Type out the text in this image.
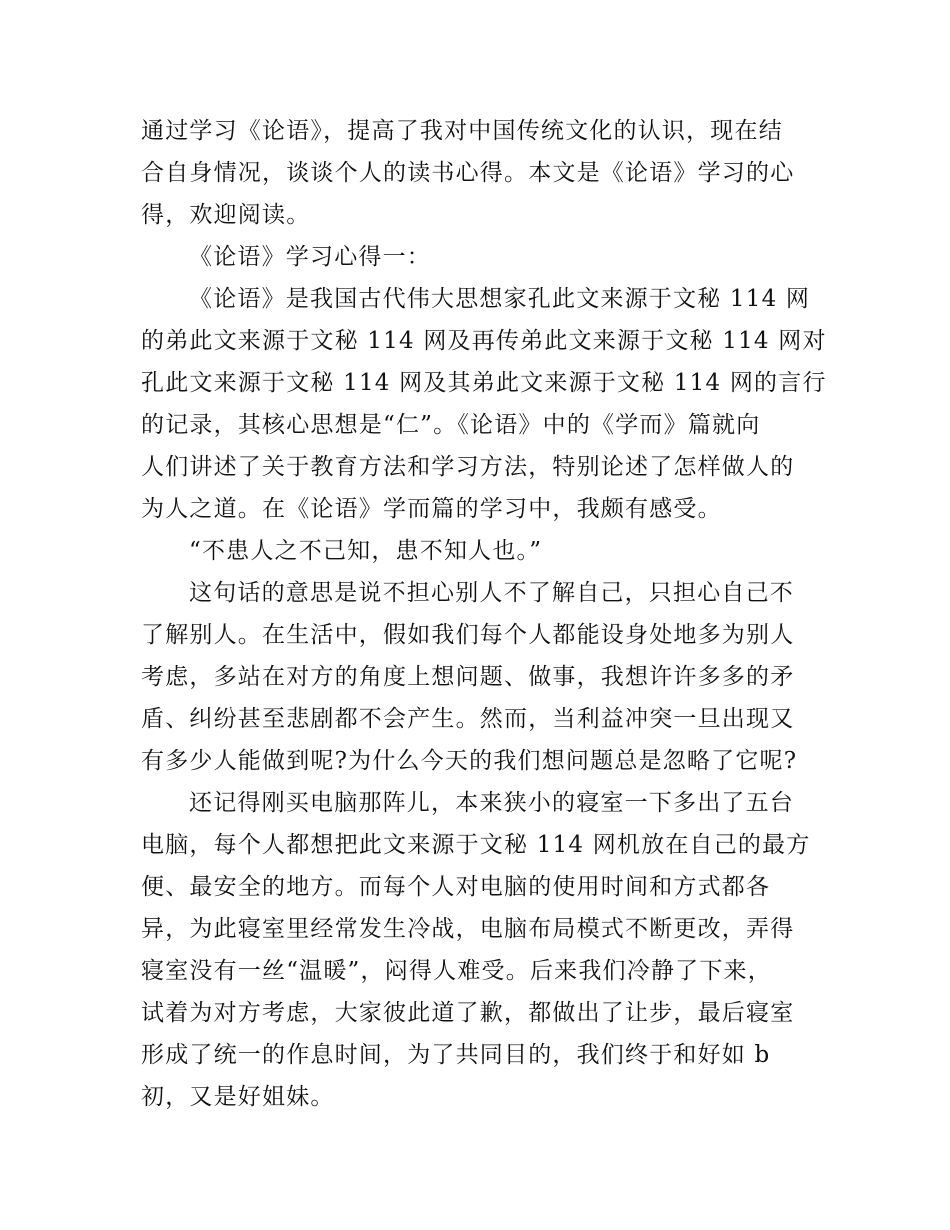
通过学习《论语》，提高了我对中国传统文化的认识，现在结
合自身情况，谈谈个人的读书心得。本文是《论语》学习的心
得，欢迎阅读。
《论语》学习心得一：
《论语》是我国古代伟大思想家孔此文来源于文秘 114 网
的弟此文来源于文秘 114 网及再传弟此文来源于文秘 114 网对
孔此文来源于文秘 114 网及其弟此文来源于文秘 114 网的言行
的记录，其核心思想是“仁”。《论语》中的《学而》篇就向
人们讲述了关于教育方法和学习方法，特别论述了怎样做人的
为人之道。在《论语》学而篇的学习中，我颇有感受。
“不患人之不己知，患不知人也。”
这句话的意思是说不担心别人不了解自己，只担心自己不
了解别人。在生活中，假如我们每个人都能设身处地多为别人
考虑，多站在对方的角度上想问题、做事，我想许许多多的矛
盾、纠纷甚至悲剧都不会产生。然而，当利益冲突一旦出现又
有多少人能做到呢?为什么今天的我们想问题总是忽略了它呢?
还记得刚买电脑那阵儿，本来狭小的寝室一下多出了五台
电脑，每个人都想把此文来源于文秘 114 网机放在自己的最方
便、最安全的地方。而每个人对电脑的使用时间和方式都各
异，为此寝室里经常发生冷战，电脑布局模式不断更改，弄得
寝室没有一丝“温暖”，闷得人难受。后来我们冷静了下来，
试着为对方考虑，大家彼此道了歉，都做出了让步，最后寝室
形成了统一的作息时间，为了共同目的，我们终于和好如 b
初，又是好姐妹。
